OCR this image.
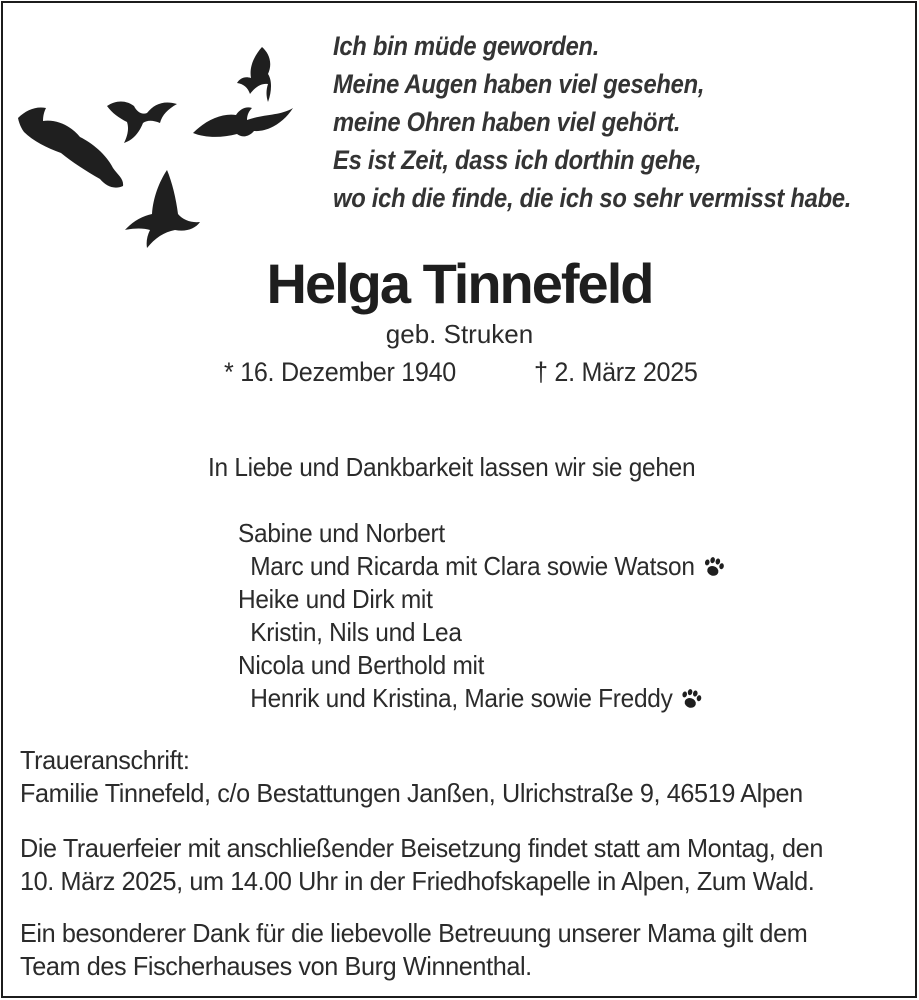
Ich bin müde geworden.
Meine Augen haben viel gesehen,
meine Ohren haben viel gehört.
Es ist Zeit, dass ich dorthin gehe,
wo ich die finde, die ich so sehr vermisst habe.
Helga Tinnefeld
geb. Struken
* 16. Dezember 1940	† 2. März 2025
In Liebe und Dankbarkeit lassen wir sie gehen
Sabine und Norbert
Marc und Ricarda mit Clara sowie Watson
Heike und Dirk mit
Kristin, Nils und Lea
Nicola und Berthold mit
Henrik und Kristina, Marie sowie Freddy
Traueranschrift:
Familie Tinnefeld, c/o Bestattungen Janßen, Ulrichstraße 9, 46519 Alpen
Die Trauerfeier mit anschließender Beisetzung findet statt am Montag, den
10. März 2025, um 14.00 Uhr in der Friedhofskapelle in Alpen, Zum Wald.
Ein besonderer Dank für die liebevolle Betreuung unserer Mama gilt dem
Team des Fischerhauses von Burg Winnenthal.
